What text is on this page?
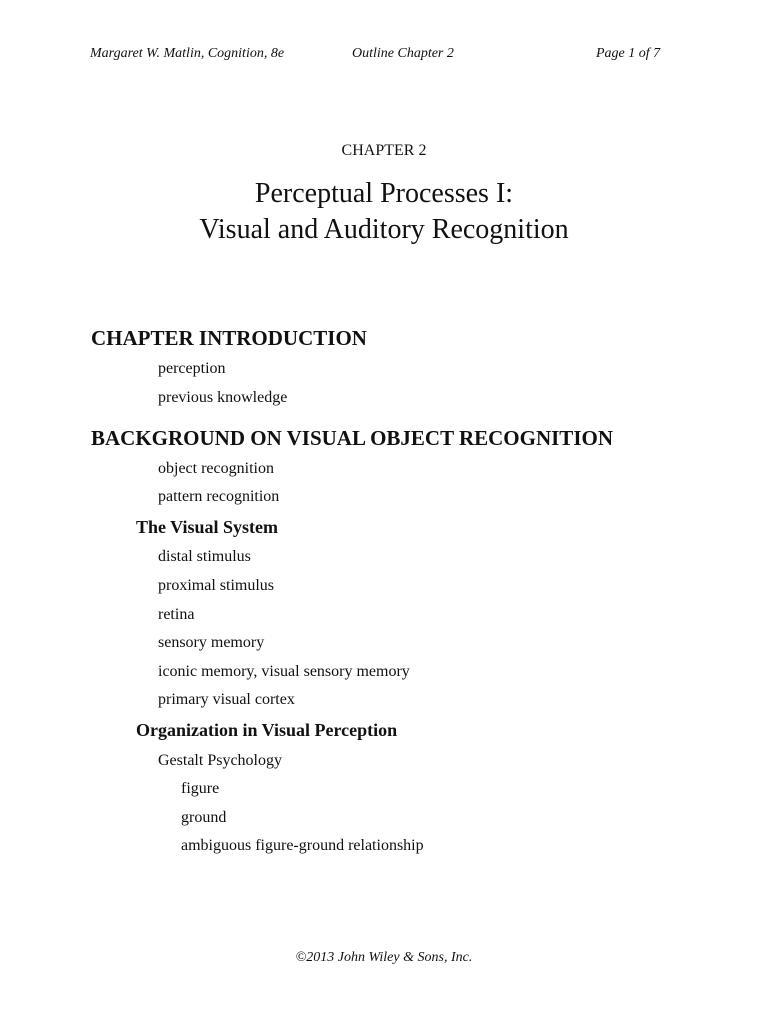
Margaret W. Matlin, Cognition, 8e	Outline Chapter 2	Page 1 of 7
CHAPTER 2
Perceptual Processes I:
Visual and Auditory Recognition
CHAPTER INTRODUCTION
perception
previous knowledge
BACKGROUND ON VISUAL OBJECT RECOGNITION
object recognition
pattern recognition
The Visual System
distal stimulus
proximal stimulus
retina
sensory memory
iconic memory, visual sensory memory
primary visual cortex
Organization in Visual Perception
Gestalt Psychology
figure
ground
ambiguous figure-ground relationship
©2013 John Wiley & Sons, Inc.
